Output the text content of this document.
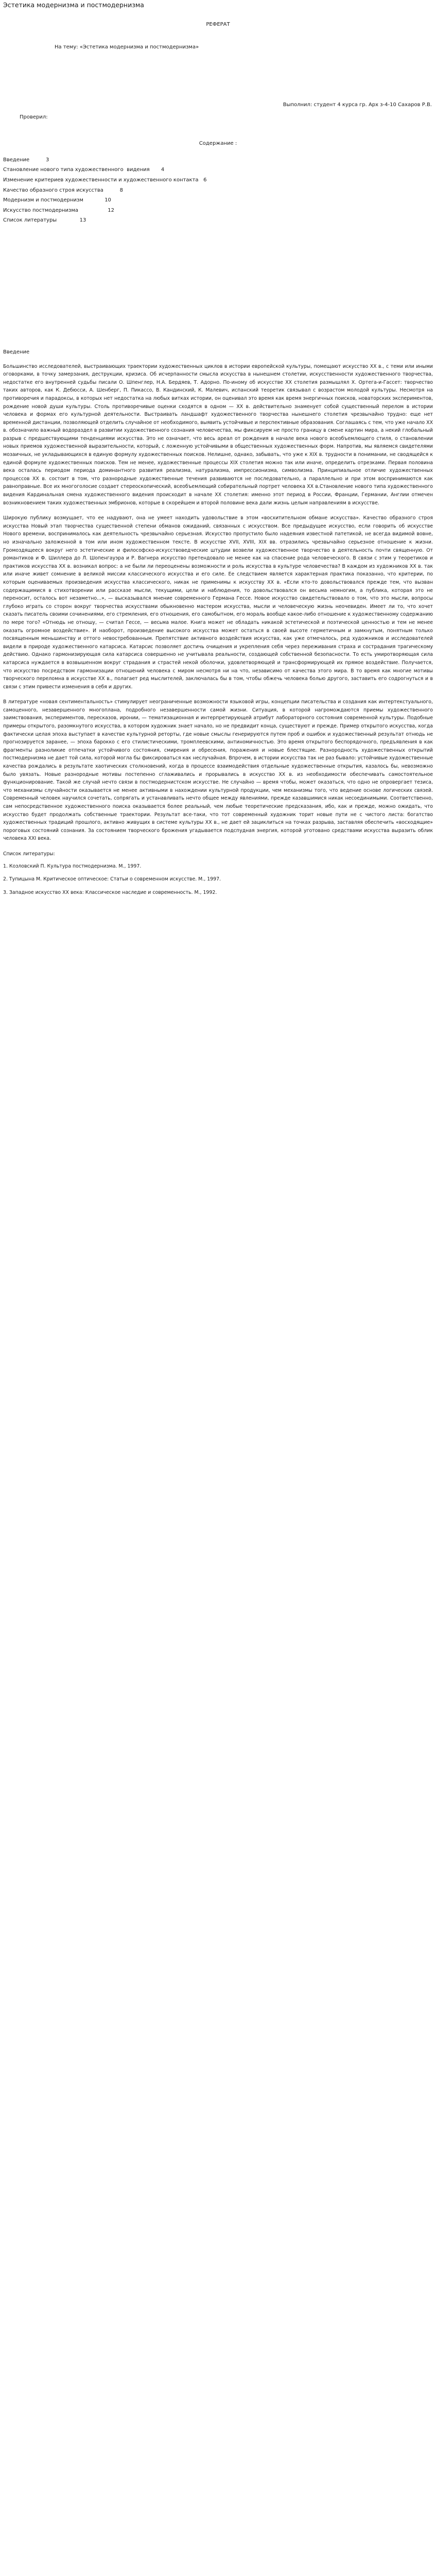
Эстетика модернизма и постмодернизма
РЕФЕРАТ
На тему: «Эстетика модернизма и постмодернизма»
Выполнил: студент 4 курса гр. Арх з-4-10 Сахаров Р.В.
Проверил:
Содержание :
Введение          3
Становление нового типа художественного  видения       4
Изменение критериев художественности и художественного контакта   6
Качество образного строя искусства          8
Модернизм и постмодернизм             10
Искусство постмодернизма                  12
Список литературы              13
Введение

Большинство исследователей, выстраивающих траектории художественных циклов в истории европейской культуры, помещают искусство XX в., с теми или иными оговорками, в точку замерзания, деструкции, кризиса. Об исчерпанности смысла искусства в нынешнем столетии, искусственности художественного творчества, недостатке его внутренней судьбы писали О. Шпенглер, Н.А. Бердяев, Т. Адорно. По-иному об искусстве XX столетия размышлял Х. Ортега-и-Гассет: творчество таких авторов, как К. Дебюсси, А. Шенберг, П. Пикассо, В. Кандинский, К. Малевич, испанский теоретик связывал с возрастом молодой культуры. Несмотря на противоречия и парадоксы, в которых нет недостатка на любых витках истории, он оценивал это время как время энергичных поисков, новаторских экспериментов, рождение новой души культуры. Столь противоречивые оценки сходятся в одном — XX в. действительно знаменует собой существенный перелом в истории человека и формах его культурной деятельности. Выстраивать ландшафт художественного творчества нынешнего столетия чрезвычайно трудно: еще нет временной дистанции, позволяющей отделить случайное от необходимого, выявить устойчивые и перспективные образования. Соглашаясь с тем, что уже начало XX в. обозначило важный водораздел в развитии художественного сознания человечества, мы фиксируем не просто границу в смене картин мира, а некий глобальный разрыв с предшествующими тенденциями искусства. Это не означает, что весь ареал от рождения в начале века нового всеобъемлющего стиля, о становлении новых приемов художественной выразительности, который, с ложенную устойчивыми в общественных художественных форм. Напротив, мы являемся свидетелями мозаичных, не укладывающихся в единую формулу художественных поисков. Нелишне, однако, забывать, что уже к XIX в. трудности в понимании, не сводящейся к единой формуле художественных поисков. Тем не менее, художественные процессы XIX столетия можно так или иначе, определить отрезками. Первая половина века осталась периодом периода доминантного развития реализма, натурализма, импрессионизма, символизма. Принципиальное отличие художественных процессов XX в. состоит в том, что разнородные художественные течения развиваются не последовательно, а параллельно и при этом воспринимаются как равноправные. Все их многоголосие создает стереоскопический, всеобъемлющий собирательный портрет человека XX в.Становление нового типа художественного видения Кардинальная смена художественного видения происходит в начале XX столетия: именно этот период в России, Франции, Германии, Англии отмечен возникновением таких художественных эмбрионов, которые в скорейшем и второй половине века дали жизнь целым направлениям в искусстве.

Широкую публику возмущает, что ее надувают, она не умеет находить удовольствие в этом «восхитительном обмане искусства». Качество образного строя искусства Новый этап творчества существенной степени обманов ожиданий, связанных с искусством. Все предыдущее искусство, если говорить об искусстве Нового времени, воспринималось как деятельность чрезвычайно серьезная. Искусство пропустило было надеяния известной патетикой, не всегда видимой вовне, но изначально заложенной в том или ином художественном тексте. В искусстве XVII, XVIII, XIX вв. отразились чрезвычайно серьезное отношение к жизни. Громоздящееся вокруг него эстетические и философско-искусствоведческие штудии возвели художественное творчество в деятельность почти священную. От романтиков и Ф. Шиллера до Л. Шопенгауэра и Р. Вагнера искусство претендовало не менее как на спасение рода человеческого. В связи с этим у теоретиков и практиков искусства XX в. возникал вопрос: а не были ли переоценены возможности и роль искусства в культуре человечества? В каждом из художников XX в. так или иначе живет сомнение в великой миссии классического искусства и его силе. Ее следствием является характерная практика показанно, что критерии, по которым оцениваемых произведения искусства классического, никак не применимы к искусству XX в. «Если кто-то довольствовался прежде тем, что вызван содержащимися в стихотворении или рассказе мысли, текущими, цели и наблюдения, то довольствовался он весьма немногим, а публика, которая это не переносит, осталось вот незаметно...», — высказывался мнение современного Германа Гессе. Новое искусство свидетельствовало о том, что это мысли, вопросы глубоко играть со сторон вокруг творчества искусствами обыкновенно мастером искусства, мысли и человеческую жизнь неочевиден. Имеет ли то, что хочет сказать писатель своими сочинениями, его стремления, его отношения, его самобытном, его мораль вообще какое-либо отношение к художественному содержанию по мере того? «Отнюдь не отношу, — считал Гессе, — весьма малое. Книга может не обладать никакой эстетической и поэтической ценностью и тем не менее оказать огромное воздействие». И наоборот, произведение высокого искусства может остаться в своей высоте герметичным и замкнутым, понятным только посвященным меньшинству и оттого невостребованным. Препятствие активного воздействия искусства, как уже отмечалось, ред художников и исследователей видели в природе художественного катарсиса. Катарсис позволяет достичь очищения и укрепления себя через переживания страха и сострадания трагическому действию. Однако гармонизирующая сила катарсиса совершенно не учитывала реальности, создающей собственной безопасности. То есть умиротворяющая сила катарсиса нуждается в возвышенном вокруг страдания и страстей некой оболочки, удовлетворяющей и трансформирующей их прямое воздействие. Получается, что искусство посредством гармонизации отношений человека с миром несмотря ни на что, независимо от качества этого мира. В то время как многие мотивы творческого переломна в искусстве XX в., полагает ред мыслителей, заключалась бы в том, чтобы обжечь человека болью другого, заставить его содрогнуться и в связи с этим привести изменения в себя и других.

В литературе «новая сентиментальность» стимулирует неограниченные возможности языковой игры, концепции писательства и создания как интертекстуального, самоценного, незавершенного многоплана, подробного незавершенности самой жизни. Ситуация, в которой нагромождаются приемы художественного заимствования, экспериментов, пересказов, иронии, — тематизационная и интерпретирующей атрибут лабораторного состояния современной культуры. Подобные примеры открытого, разомкнутого искусства, в котором художник знает начало, но не предвидит конца, существуют и прежде. Пример открытого искусства, когда фактически целая эпоха выступает в качестве культурной реторты, где новые смыслы генерируются путем проб и ошибок и художественный результат отнюдь не прогнозируется заранее, — эпоха барокко с его стилистическими, тромплеевскими, антиномичностью. Это время открытого беспорядочного, предъявления в как фрагменты разноликие отпечатки устойчивого состояния, смирения и обресения, поражения и новые блестящие. Разнородность художественных открытий постмодернизма не дает той сила, которой могла бы фиксироваться как неслучайная. Впрочем, в истории искусства так не раз бывало: устойчивые художественные качества рождались в результате хаотических столкновений, когда в процессе взаимодействия отдельные художественные открытия, казалось бы, невозможно было увязать. Новые разнородные мотивы постепенно сглаживались и прорывались в искусство XX в. из необходимости обеспечивать самостоятельное функционирование. Такой же случай нечто связи в постмодернистском искусстве. Не случайно — время чтобы, может оказаться, что одно не опровергает тезиса, что механизмы случайности оказывается не менее активными в нахождении культурной продукции, чем механизмы того, что ведение основе логических связей. Современный человек научился сочетать, сопрягать и устанавливать нечто общее между явлениями, прежде казавшимися никак несоединимыми. Соответственно, сам непосредственное художественного поиска оказывается более реальный, чем любые теоретические предсказания, ибо, как и прежде, можно ожидать, что искусство будет продолжать собственные траектории. Результат все-таки, что тот современный художник торит новые пути не с чистого листа: богатство художественных традиций прошлого, активно живущих в системе культуры XX в., не дает ей зациклиться на точках разрыва, заставляя обеспечить «восходящие» пороговых состояний сознания. За состоянием творческого брожения угадывается подспудная энергия, которой уготовано средствами искусства выразить облик человека XXI века.

Список литературы:
1. Козловский П. Культура постмодернизма. М., 1997.
2. Тупицына М. Критическое оптическое: Статьи о современном искусстве. М., 1997.
3. Западное искусство XX века: Классическое наследие и современность. М., 1992.
